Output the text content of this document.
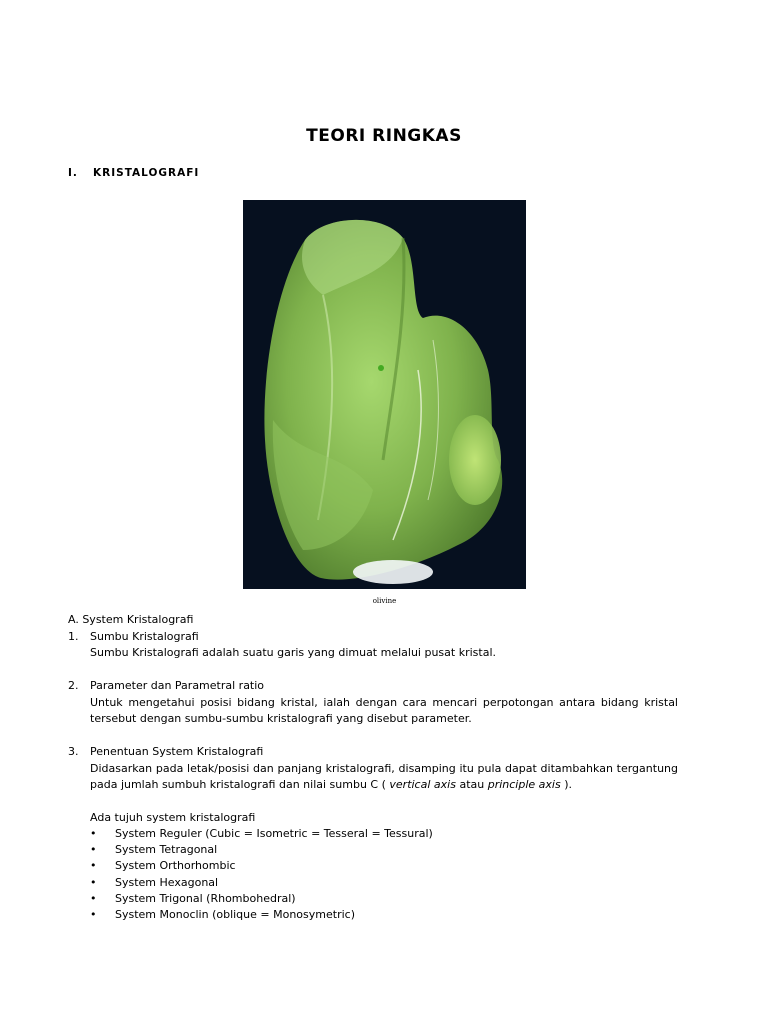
TEORI RINGKAS
I. KRISTALOGRAFI
olivine
A. System Kristalografi
1. Sumbu Kristalografi
Sumbu Kristalografi adalah suatu garis yang dimuat melalui pusat kristal.
2. Parameter dan Parametral ratio
Untuk mengetahui posisi bidang kristal, ialah dengan cara mencari perpotongan antara bidang kristal tersebut dengan sumbu-sumbu kristalografi yang disebut parameter.
3. Penentuan System Kristalografi
Didasarkan pada letak/posisi dan panjang kristalografi, disamping itu pula dapat ditambahkan tergantung pada jumlah sumbuh kristalografi dan nilai sumbu C ( vertical axis atau principle axis ).
Ada tujuh system kristalografi
• System Reguler (Cubic = Isometric = Tesseral = Tessural)
• System Tetragonal
• System Orthorhombic
• System Hexagonal
• System Trigonal (Rhombohedral)
• System Monoclin (oblique = Monosymetric)
